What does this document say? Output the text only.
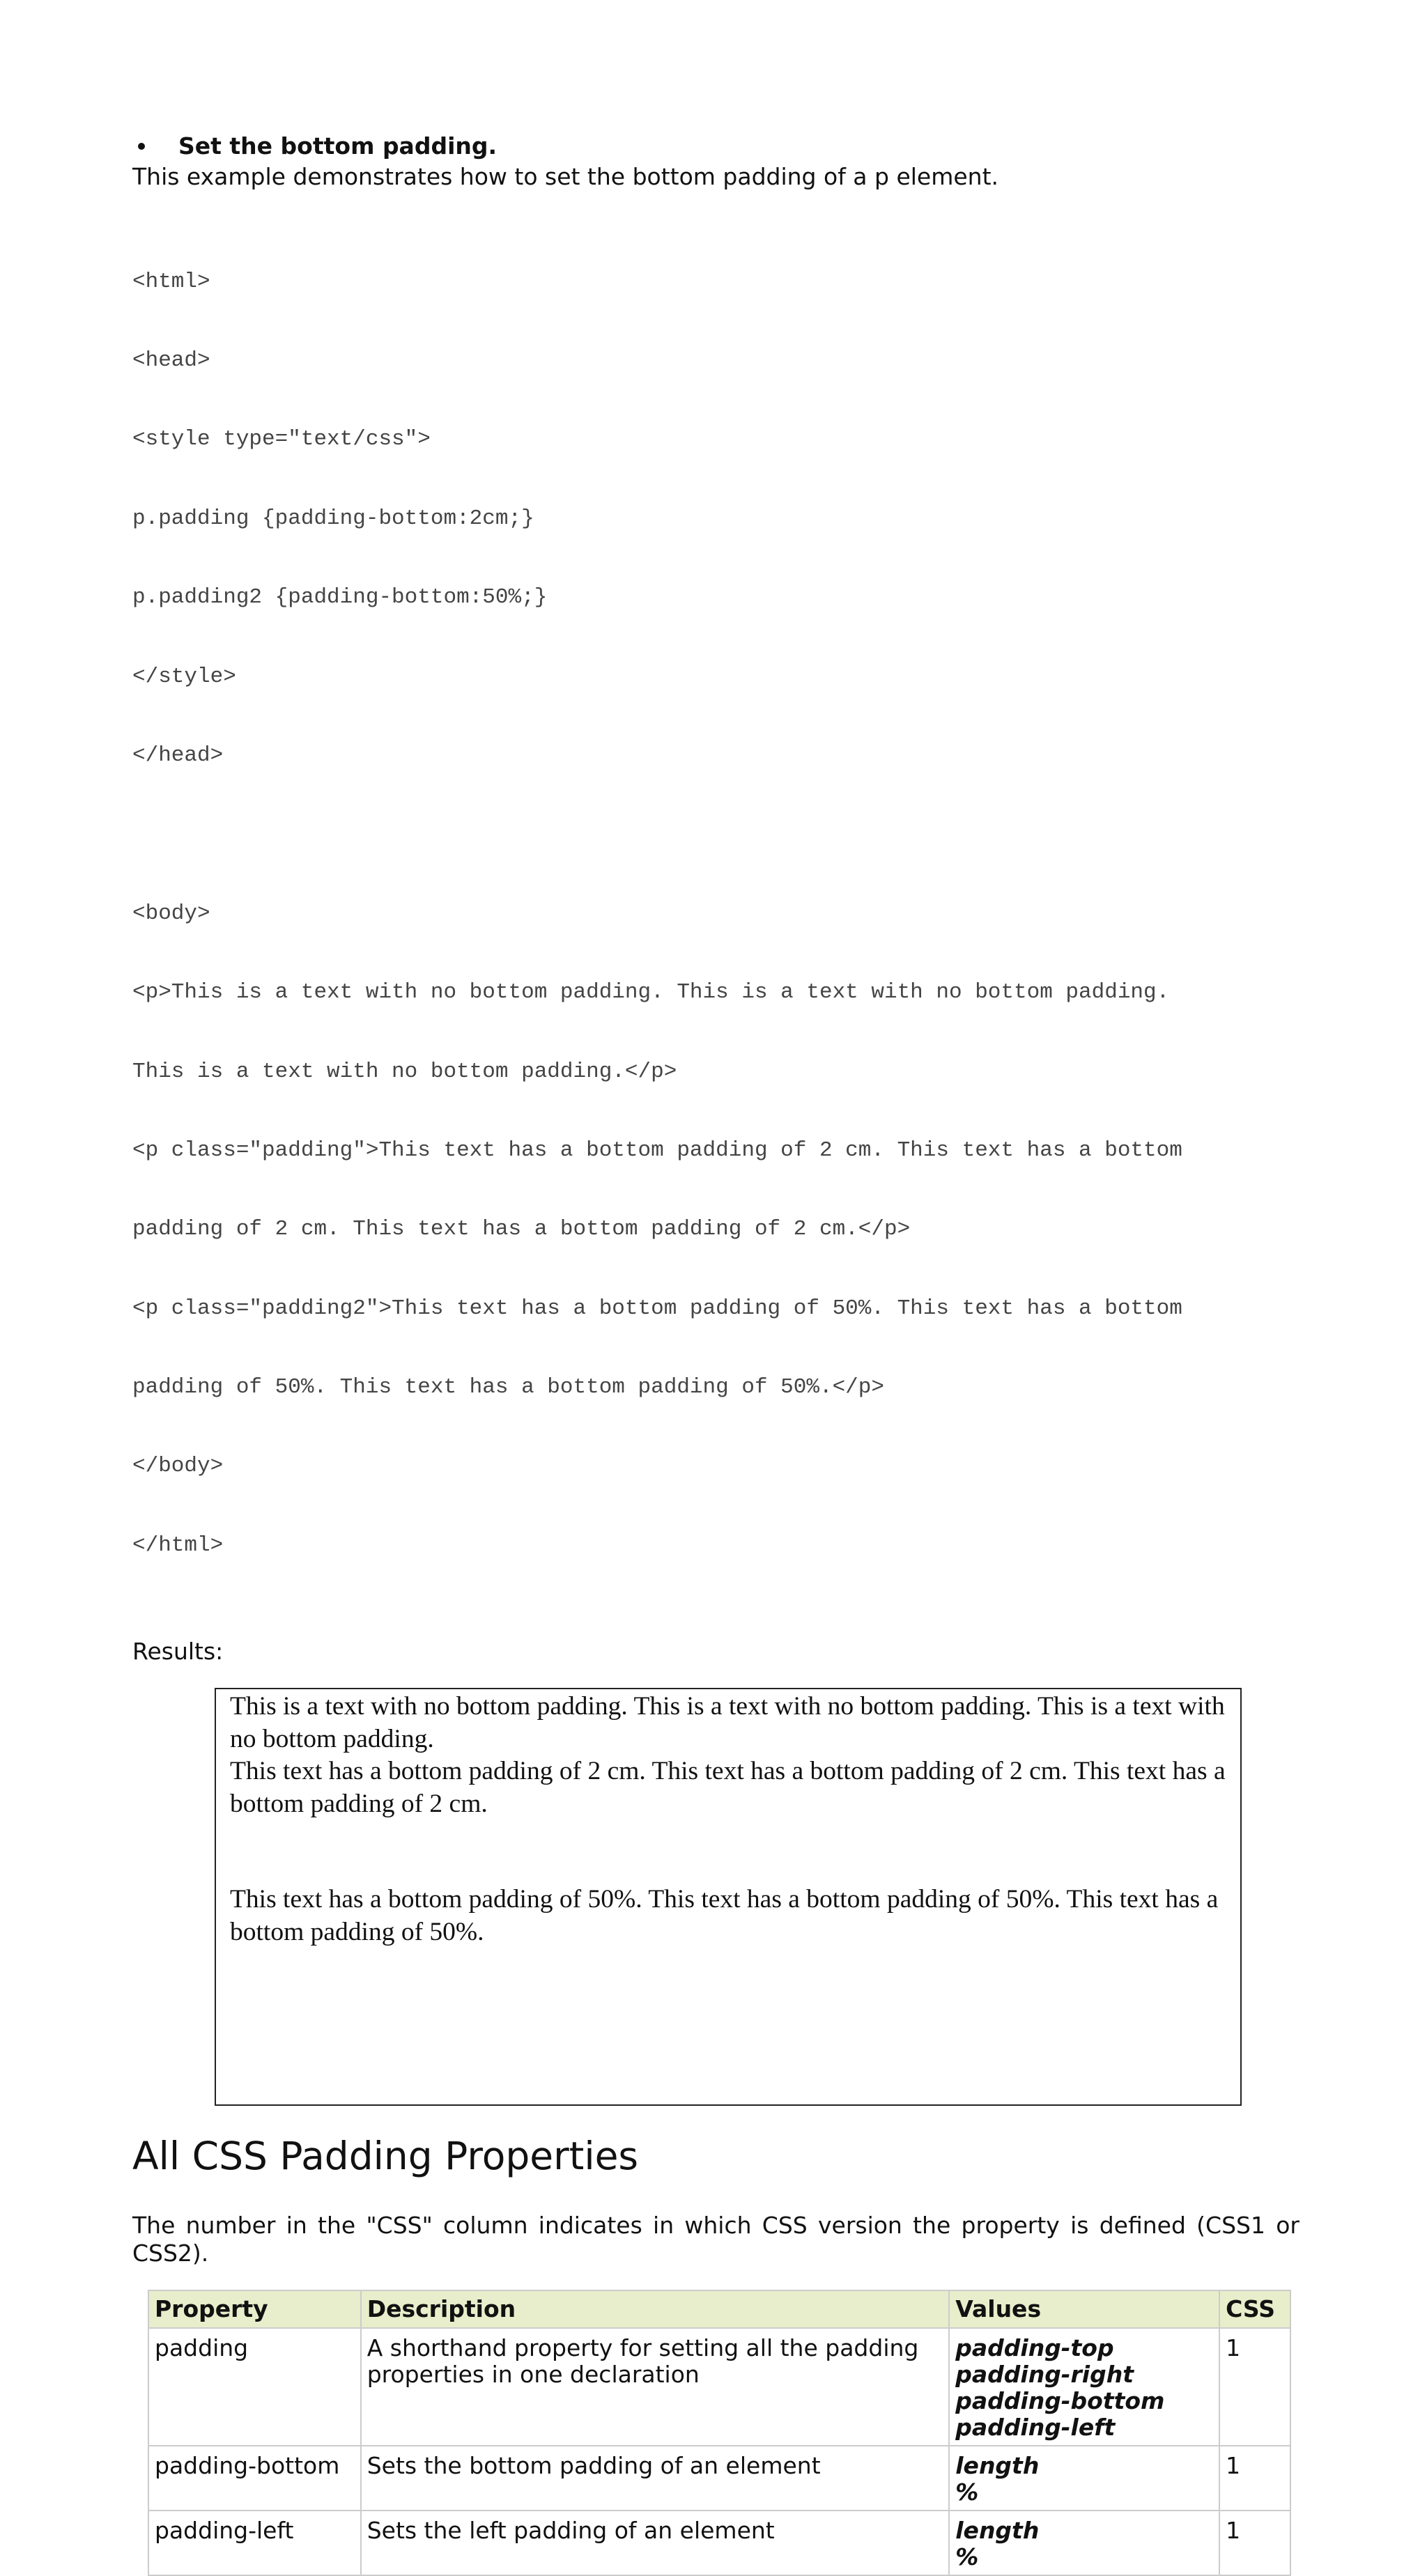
Set the bottom padding.
This example demonstrates how to set the bottom padding of a p element.

<html>

<head>

<style type="text/css">

p.padding {padding-bottom:2cm;}

p.padding2 {padding-bottom:50%;}

</style>

</head>

<body>

<p>This is a text with no bottom padding. This is a text with no bottom padding.

This is a text with no bottom padding.</p>

<p class="padding">This text has a bottom padding of 2 cm. This text has a bottom

padding of 2 cm. This text has a bottom padding of 2 cm.</p>

<p class="padding2">This text has a bottom padding of 50%. This text has a bottom

padding of 50%. This text has a bottom padding of 50%.</p>

</body>

</html>

Results:

This is a text with no bottom padding. This is a text with no bottom padding. This is a text with no bottom padding.

This text has a bottom padding of 2 cm. This text has a bottom padding of 2 cm. This text has a bottom padding of 2 cm.

This text has a bottom padding of 50%. This text has a bottom padding of 50%. This text has a bottom padding of 50%.

All CSS Padding Properties
The number in the "CSS" column indicates in which CSS version the property is defined (CSS1 or CSS2).
Property	Description	Values	CSS
padding	A shorthand property for setting all the padding properties in one declaration	padding-top
padding-right
padding-bottom
padding-left	1
padding-bottom	Sets the bottom padding of an element	length
%	1
padding-left	Sets the left padding of an element	length
%	1
